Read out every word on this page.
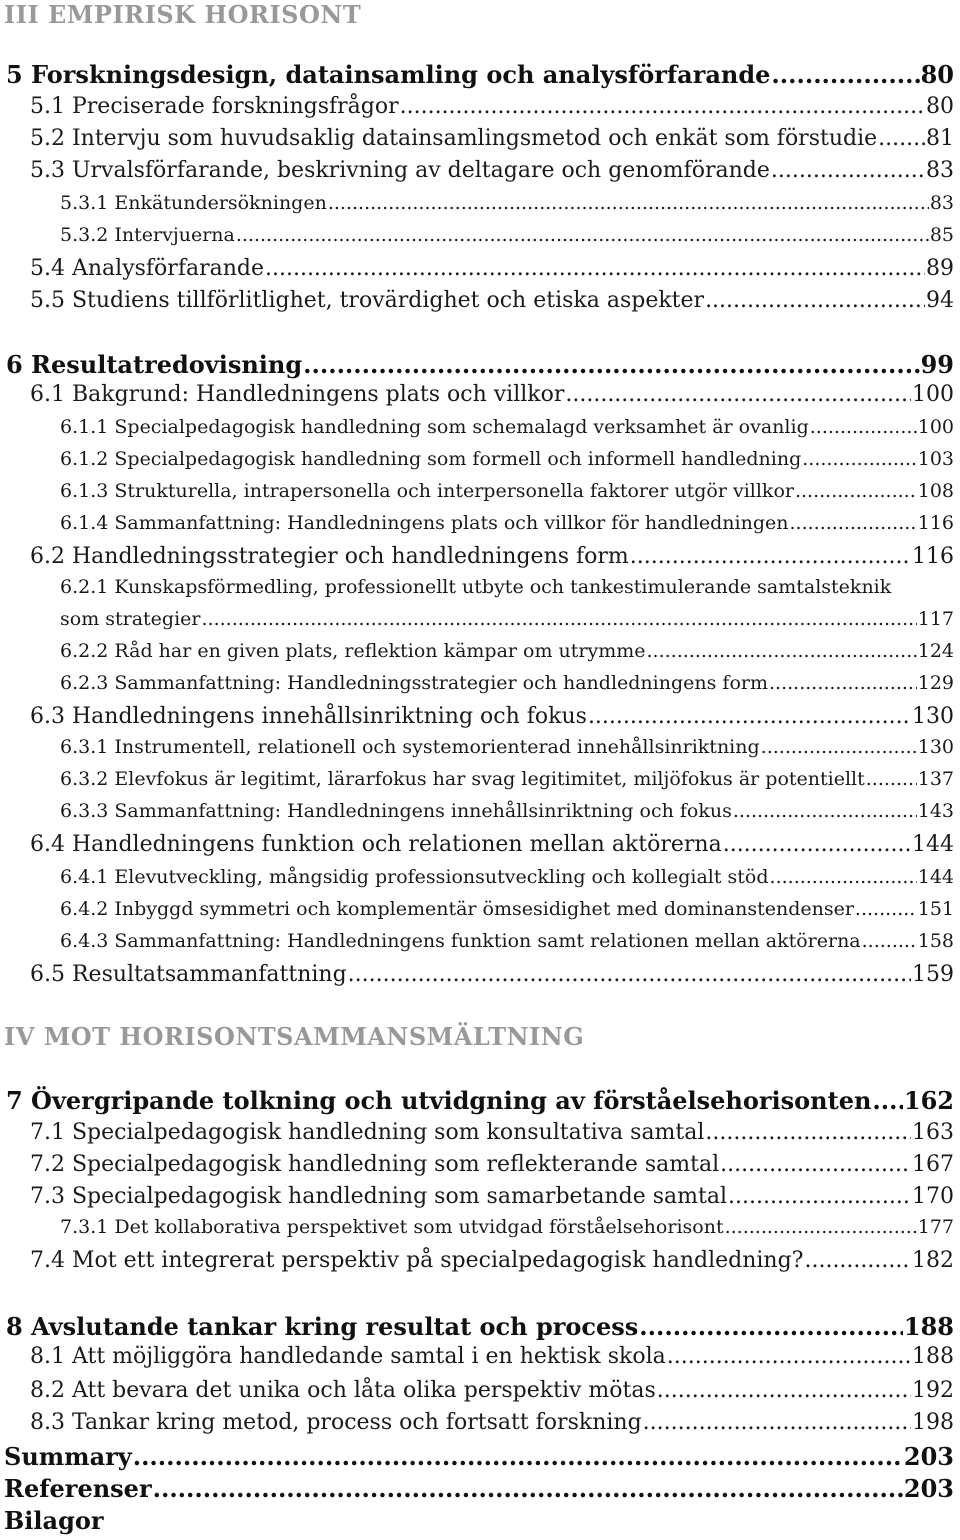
III EMPIRISK HORISONT
5 Forskningsdesign, datainsamling och analysförfarande .....	80
5.1 Preciserade forskningsfrågor .....	80
5.2 Intervju som huvudsaklig datainsamlingsmetod och enkät som förstudie ..... 81
5.3 Urvalsförfarande, beskrivning av deltagare och genomförande .....	83
5.3.1 Enkätundersökningen .....	83
5.3.2 Intervjuerna .....	85
5.4 Analysförfarande .....	89
5.5 Studiens tillförlitlighet, trovärdighet och etiska aspekter .....	94
6 Resultatredovisning .....	99
6.1 Bakgrund: Handledningens plats och villkor .....	100
6.1.1 Specialpedagogisk handledning som schemalagd verksamhet är ovanlig .....	100
6.1.2 Specialpedagogisk handledning som formell och informell handledning .....	103
6.1.3 Strukturella, intrapersonella och interpersonella faktorer utgör villkor .....	108
6.1.4 Sammanfattning: Handledningens plats och villkor för handledningen .....	116
6.2 Handledningsstrategier och handledningens form .....	116
6.2.1 Kunskapsförmedling, professionellt utbyte och tankestimulerande samtalsteknik
som strategier .....	117
6.2.2 Råd har en given plats, reflektion kämpar om utrymme .....	124
6.2.3 Sammanfattning: Handledningsstrategier och handledningens form .....	129
6.3 Handledningens innehållsinriktning och fokus .....	130
6.3.1 Instrumentell, relationell och systemorienterad innehållsinriktning .....	130
6.3.2 Elevfokus är legitimt, lärarfokus har svag legitimitet, miljöfokus är potentiellt .....	137
6.3.3 Sammanfattning: Handledningens innehållsinriktning och fokus .....	143
6.4 Handledningens funktion och relationen mellan aktörerna .....	144
6.4.1 Elevutveckling, mångsidig professionsutveckling och kollegialt stöd .....	144
6.4.2 Inbyggd symmetri och komplementär ömsesidighet med dominanstendenser .....	151
6.4.3 Sammanfattning: Handledningens funktion samt relationen mellan aktörerna .....	158
6.5 Resultatsammanfattning .....	159
IV MOT HORISONTSAMMANSMÄLTNING
7 Övergripande tolkning och utvidgning av förståelsehorisonten ..... 162
7.1 Specialpedagogisk handledning som konsultativa samtal .....	163
7.2 Specialpedagogisk handledning som reflekterande samtal .....	167
7.3 Specialpedagogisk handledning som samarbetande samtal .....	170
7.3.1 Det kollaborativa perspektivet som utvidgad förståelsehorisont .....	177
7.4 Mot ett integrerat perspektiv på specialpedagogisk handledning? .....	182
8 Avslutande tankar kring resultat och process .....	188
8.1 Att möjliggöra handledande samtal i en hektisk skola .....	188
8.2 Att bevara det unika och låta olika perspektiv mötas .....	192
8.3 Tankar kring metod, process och fortsatt forskning .....	198
Summary .....	203
Referenser .....	203
Bilagor
